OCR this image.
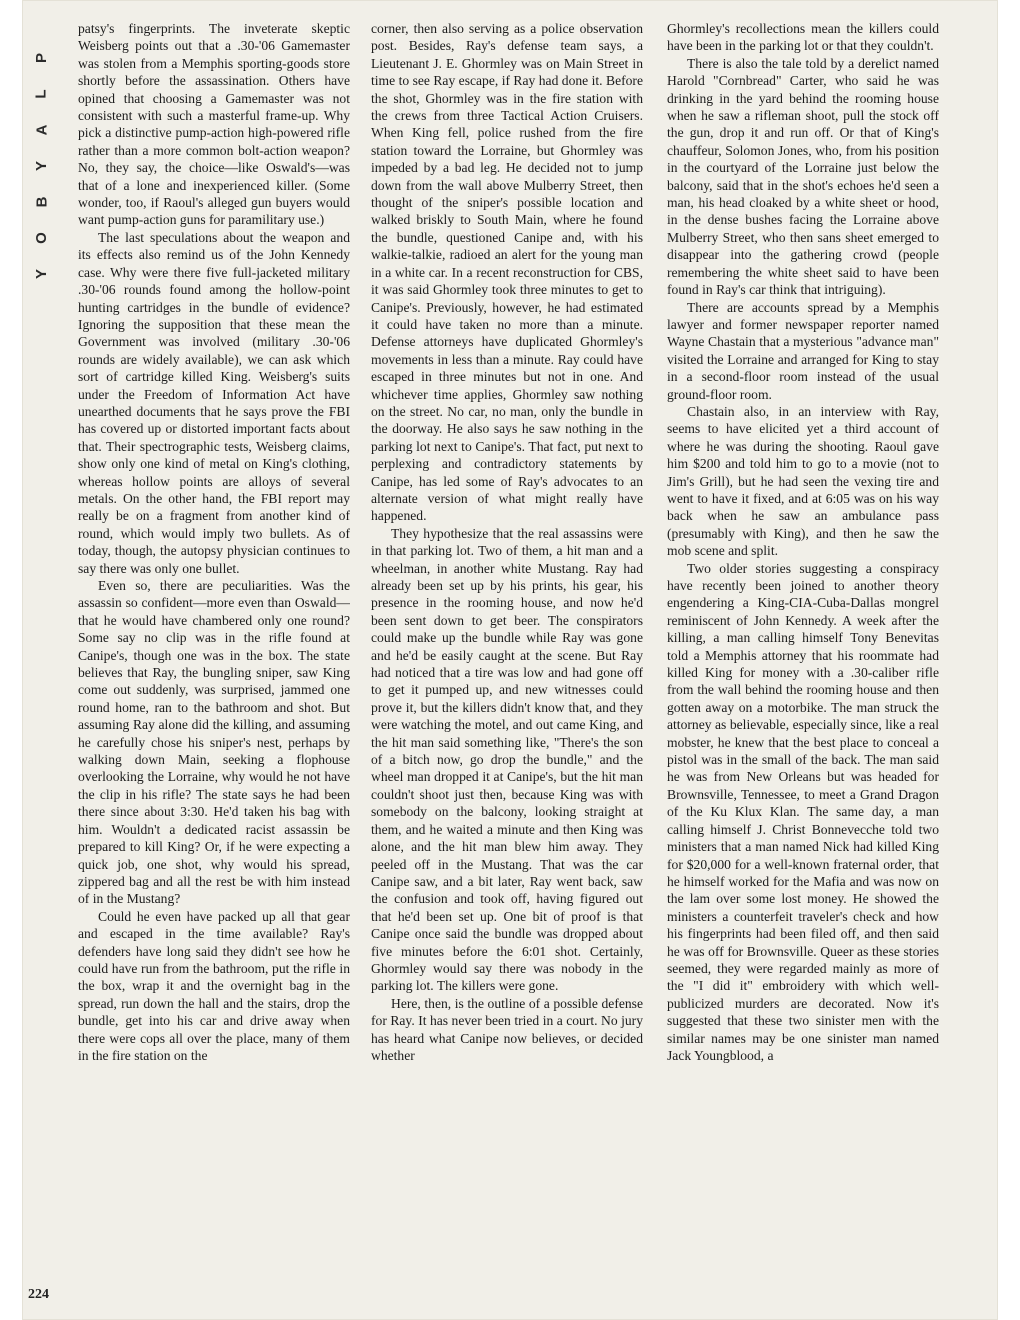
P
L
A
Y
B
O
Y
224

patsy's fingerprints. The inveterate skeptic Weisberg points out that a .30-'06 Gamemaster was stolen from a Memphis sporting-goods store shortly before the assassination. Others have opined that choosing a Gamemaster was not consistent with such a masterful frame-up. Why pick a distinctive pump-action high-powered rifle rather than a more common bolt-action weapon? No, they say, the choice—like Oswald's—was that of a lone and inexperienced killer. (Some wonder, too, if Raoul's alleged gun buyers would want pump-action guns for paramilitary use.)

The last speculations about the weapon and its effects also remind us of the John Kennedy case. Why were there five full-jacketed military .30-'06 rounds found among the hollow-point hunting cartridges in the bundle of evidence? Ignoring the supposition that these mean the Government was involved (military .30-'06 rounds are widely available), we can ask which sort of cartridge killed King. Weisberg's suits under the Freedom of Information Act have unearthed documents that he says prove the FBI has covered up or distorted important facts about that. Their spectrographic tests, Weisberg claims, show only one kind of metal on King's clothing, whereas hollow points are alloys of several metals. On the other hand, the FBI report may really be on a fragment from another kind of round, which would imply two bullets. As of today, though, the autopsy physician continues to say there was only one bullet.

Even so, there are peculiarities. Was the assassin so confident—more even than Oswald—that he would have chambered only one round? Some say no clip was in the rifle found at Canipe's, though one was in the box. The state believes that Ray, the bungling sniper, saw King come out suddenly, was surprised, jammed one round home, ran to the bathroom and shot. But assuming Ray alone did the killing, and assuming he carefully chose his sniper's nest, perhaps by walking down Main, seeking a flophouse overlooking the Lorraine, why would he not have the clip in his rifle? The state says he had been there since about 3:30. He'd taken his bag with him. Wouldn't a dedicated racist assassin be prepared to kill King? Or, if he were expecting a quick job, one shot, why would his spread, zippered bag and all the rest be with him instead of in the Mustang?

Could he even have packed up all that gear and escaped in the time available? Ray's defenders have long said they didn't see how he could have run from the bathroom, put the rifle in the box, wrap it and the overnight bag in the spread, run down the hall and the stairs, drop the bundle, get into his car and drive away when there were cops all over the place, many of them in the fire station on the

corner, then also serving as a police observation post. Besides, Ray's defense team says, a Lieutenant J. E. Ghormley was on Main Street in time to see Ray escape, if Ray had done it. Before the shot, Ghormley was in the fire station with the crews from three Tactical Action Cruisers. When King fell, police rushed from the fire station toward the Lorraine, but Ghormley was impeded by a bad leg. He decided not to jump down from the wall above Mulberry Street, then thought of the sniper's possible location and walked briskly to South Main, where he found the bundle, questioned Canipe and, with his walkie-talkie, radioed an alert for the young man in a white car. In a recent reconstruction for CBS, it was said Ghormley took three minutes to get to Canipe's. Previously, however, he had estimated it could have taken no more than a minute. Defense attorneys have duplicated Ghormley's movements in less than a minute. Ray could have escaped in three minutes but not in one. And whichever time applies, Ghormley saw nothing on the street. No car, no man, only the bundle in the doorway. He also says he saw nothing in the parking lot next to Canipe's. That fact, put next to perplexing and contradictory statements by Canipe, has led some of Ray's advocates to an alternate version of what might really have happened.

They hypothesize that the real assassins were in that parking lot. Two of them, a hit man and a wheelman, in another white Mustang. Ray had already been set up by his prints, his gear, his presence in the rooming house, and now he'd been sent down to get beer. The conspirators could make up the bundle while Ray was gone and he'd be easily caught at the scene. But Ray had noticed that a tire was low and had gone off to get it pumped up, and new witnesses could prove it, but the killers didn't know that, and they were watching the motel, and out came King, and the hit man said something like, "There's the son of a bitch now, go drop the bundle," and the wheel man dropped it at Canipe's, but the hit man couldn't shoot just then, because King was with somebody on the balcony, looking straight at them, and he waited a minute and then King was alone, and the hit man blew him away. They peeled off in the Mustang. That was the car Canipe saw, and a bit later, Ray went back, saw the confusion and took off, having figured out that he'd been set up. One bit of proof is that Canipe once said the bundle was dropped about five minutes before the 6:01 shot. Certainly, Ghormley would say there was nobody in the parking lot. The killers were gone.

Here, then, is the outline of a possible defense for Ray. It has never been tried in a court. No jury has heard what Canipe now believes, or decided whether

Ghormley's recollections mean the killers could have been in the parking lot or that they couldn't.

There is also the tale told by a derelict named Harold "Cornbread" Carter, who said he was drinking in the yard behind the rooming house when he saw a rifleman shoot, pull the stock off the gun, drop it and run off. Or that of King's chauffeur, Solomon Jones, who, from his position in the courtyard of the Lorraine just below the balcony, said that in the shot's echoes he'd seen a man, his head cloaked by a white sheet or hood, in the dense bushes facing the Lorraine above Mulberry Street, who then sans sheet emerged to disappear into the gathering crowd (people remembering the white sheet said to have been found in Ray's car think that intriguing).

There are accounts spread by a Memphis lawyer and former newspaper reporter named Wayne Chastain that a mysterious "advance man" visited the Lorraine and arranged for King to stay in a second-floor room instead of the usual ground-floor room.

Chastain also, in an interview with Ray, seems to have elicited yet a third account of where he was during the shooting. Raoul gave him $200 and told him to go to a movie (not to Jim's Grill), but he had seen the vexing tire and went to have it fixed, and at 6:05 was on his way back when he saw an ambulance pass (presumably with King), and then he saw the mob scene and split.

Two older stories suggesting a conspiracy have recently been joined to another theory engendering a King-CIA-Cuba-Dallas mongrel reminiscent of John Kennedy. A week after the killing, a man calling himself Tony Benevitas told a Memphis attorney that his roommate had killed King for money with a .30-caliber rifle from the wall behind the rooming house and then gotten away on a motorbike. The man struck the attorney as believable, especially since, like a real mobster, he knew that the best place to conceal a pistol was in the small of the back. The man said he was from New Orleans but was headed for Brownsville, Tennessee, to meet a Grand Dragon of the Ku Klux Klan. The same day, a man calling himself J. Christ Bonnevecche told two ministers that a man named Nick had killed King for $20,000 for a well-known fraternal order, that he himself worked for the Mafia and was now on the lam over some lost money. He showed the ministers a counterfeit traveler's check and how his fingerprints had been filed off, and then said he was off for Brownsville. Queer as these stories seemed, they were regarded mainly as more of the "I did it" embroidery with which well-publicized murders are decorated. Now it's suggested that these two sinister men with the similar names may be one sinister man named Jack Youngblood, a
